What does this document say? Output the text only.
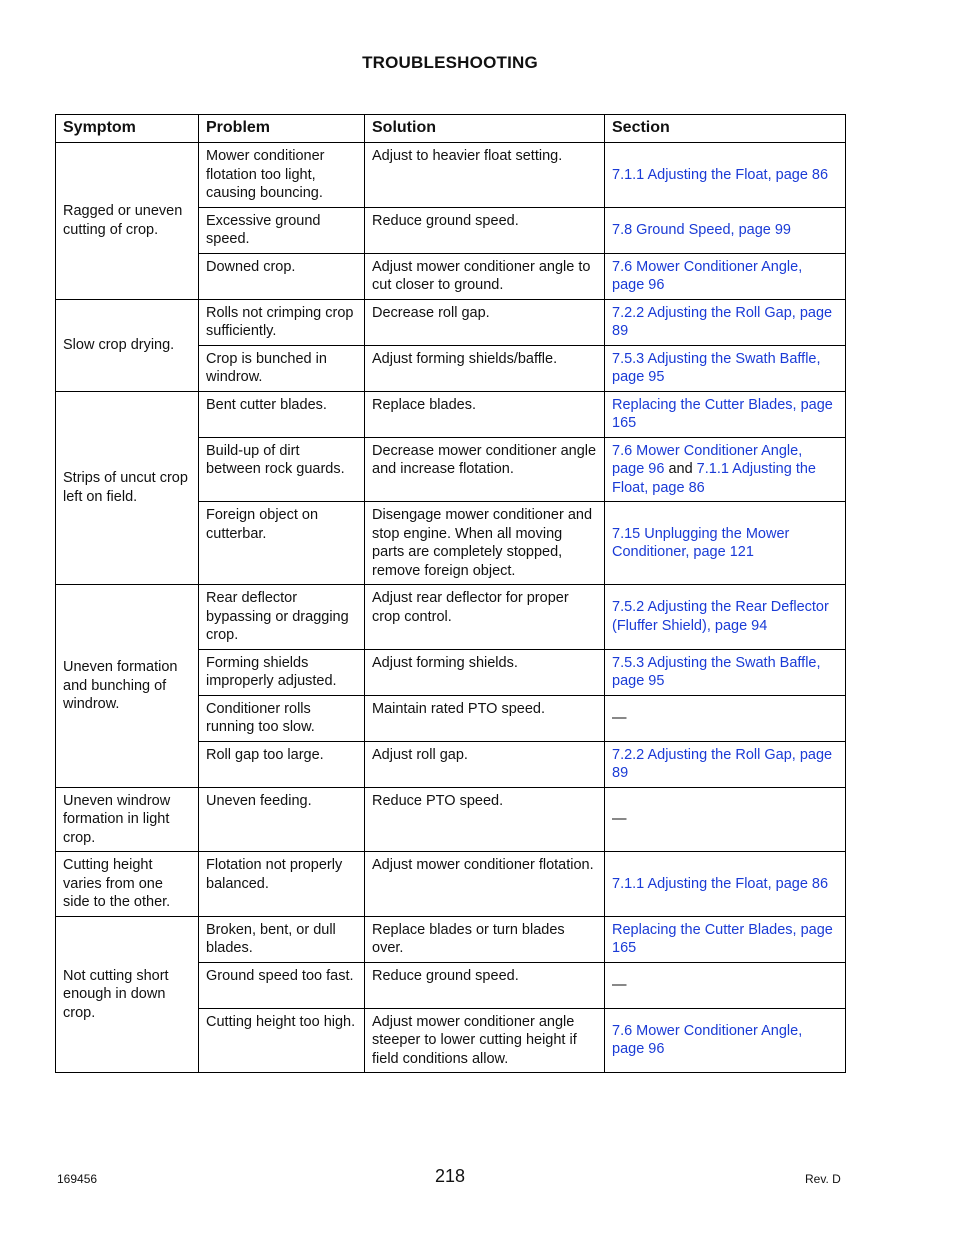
TROUBLESHOOTING
Symptom	Problem	Solution	Section
Ragged or uneven cutting of crop.	Mower conditioner flotation too light, causing bouncing.	Adjust to heavier float setting.	7.1.1 Adjusting the Float, page 86
	Excessive ground speed.	Reduce ground speed.	7.8 Ground Speed, page 99
	Downed crop.	Adjust mower conditioner angle to cut closer to ground.	7.6 Mower Conditioner Angle, page 96
Slow crop drying.	Rolls not crimping crop sufficiently.	Decrease roll gap.	7.2.2 Adjusting the Roll Gap, page 89
	Crop is bunched in windrow.	Adjust forming shields/baffle.	7.5.3 Adjusting the Swath Baffle, page 95
Strips of uncut crop left on field.	Bent cutter blades.	Replace blades.	Replacing the Cutter Blades, page 165
	Build-up of dirt between rock guards.	Decrease mower conditioner angle and increase flotation.	7.6 Mower Conditioner Angle, page 96 and 7.1.1 Adjusting the Float, page 86
	Foreign object on cutterbar.	Disengage mower conditioner and stop engine. When all moving parts are completely stopped, remove foreign object.	7.15 Unplugging the Mower Conditioner, page 121
Uneven formation and bunching of windrow.	Rear deflector bypassing or dragging crop.	Adjust rear deflector for proper crop control.	7.5.2 Adjusting the Rear Deflector (Fluffer Shield), page 94
	Forming shields improperly adjusted.	Adjust forming shields.	7.5.3 Adjusting the Swath Baffle, page 95
	Conditioner rolls running too slow.	Maintain rated PTO speed.	—
	Roll gap too large.	Adjust roll gap.	7.2.2 Adjusting the Roll Gap, page 89
Uneven windrow formation in light crop.	Uneven feeding.	Reduce PTO speed.	—
Cutting height varies from one side to the other.	Flotation not properly balanced.	Adjust mower conditioner flotation.	7.1.1 Adjusting the Float, page 86
Not cutting short enough in down crop.	Broken, bent, or dull blades.	Replace blades or turn blades over.	Replacing the Cutter Blades, page 165
	Ground speed too fast.	Reduce ground speed.	—
	Cutting height too high.	Adjust mower conditioner angle steeper to lower cutting height if field conditions allow.	7.6 Mower Conditioner Angle, page 96
169456	218	Rev. D
